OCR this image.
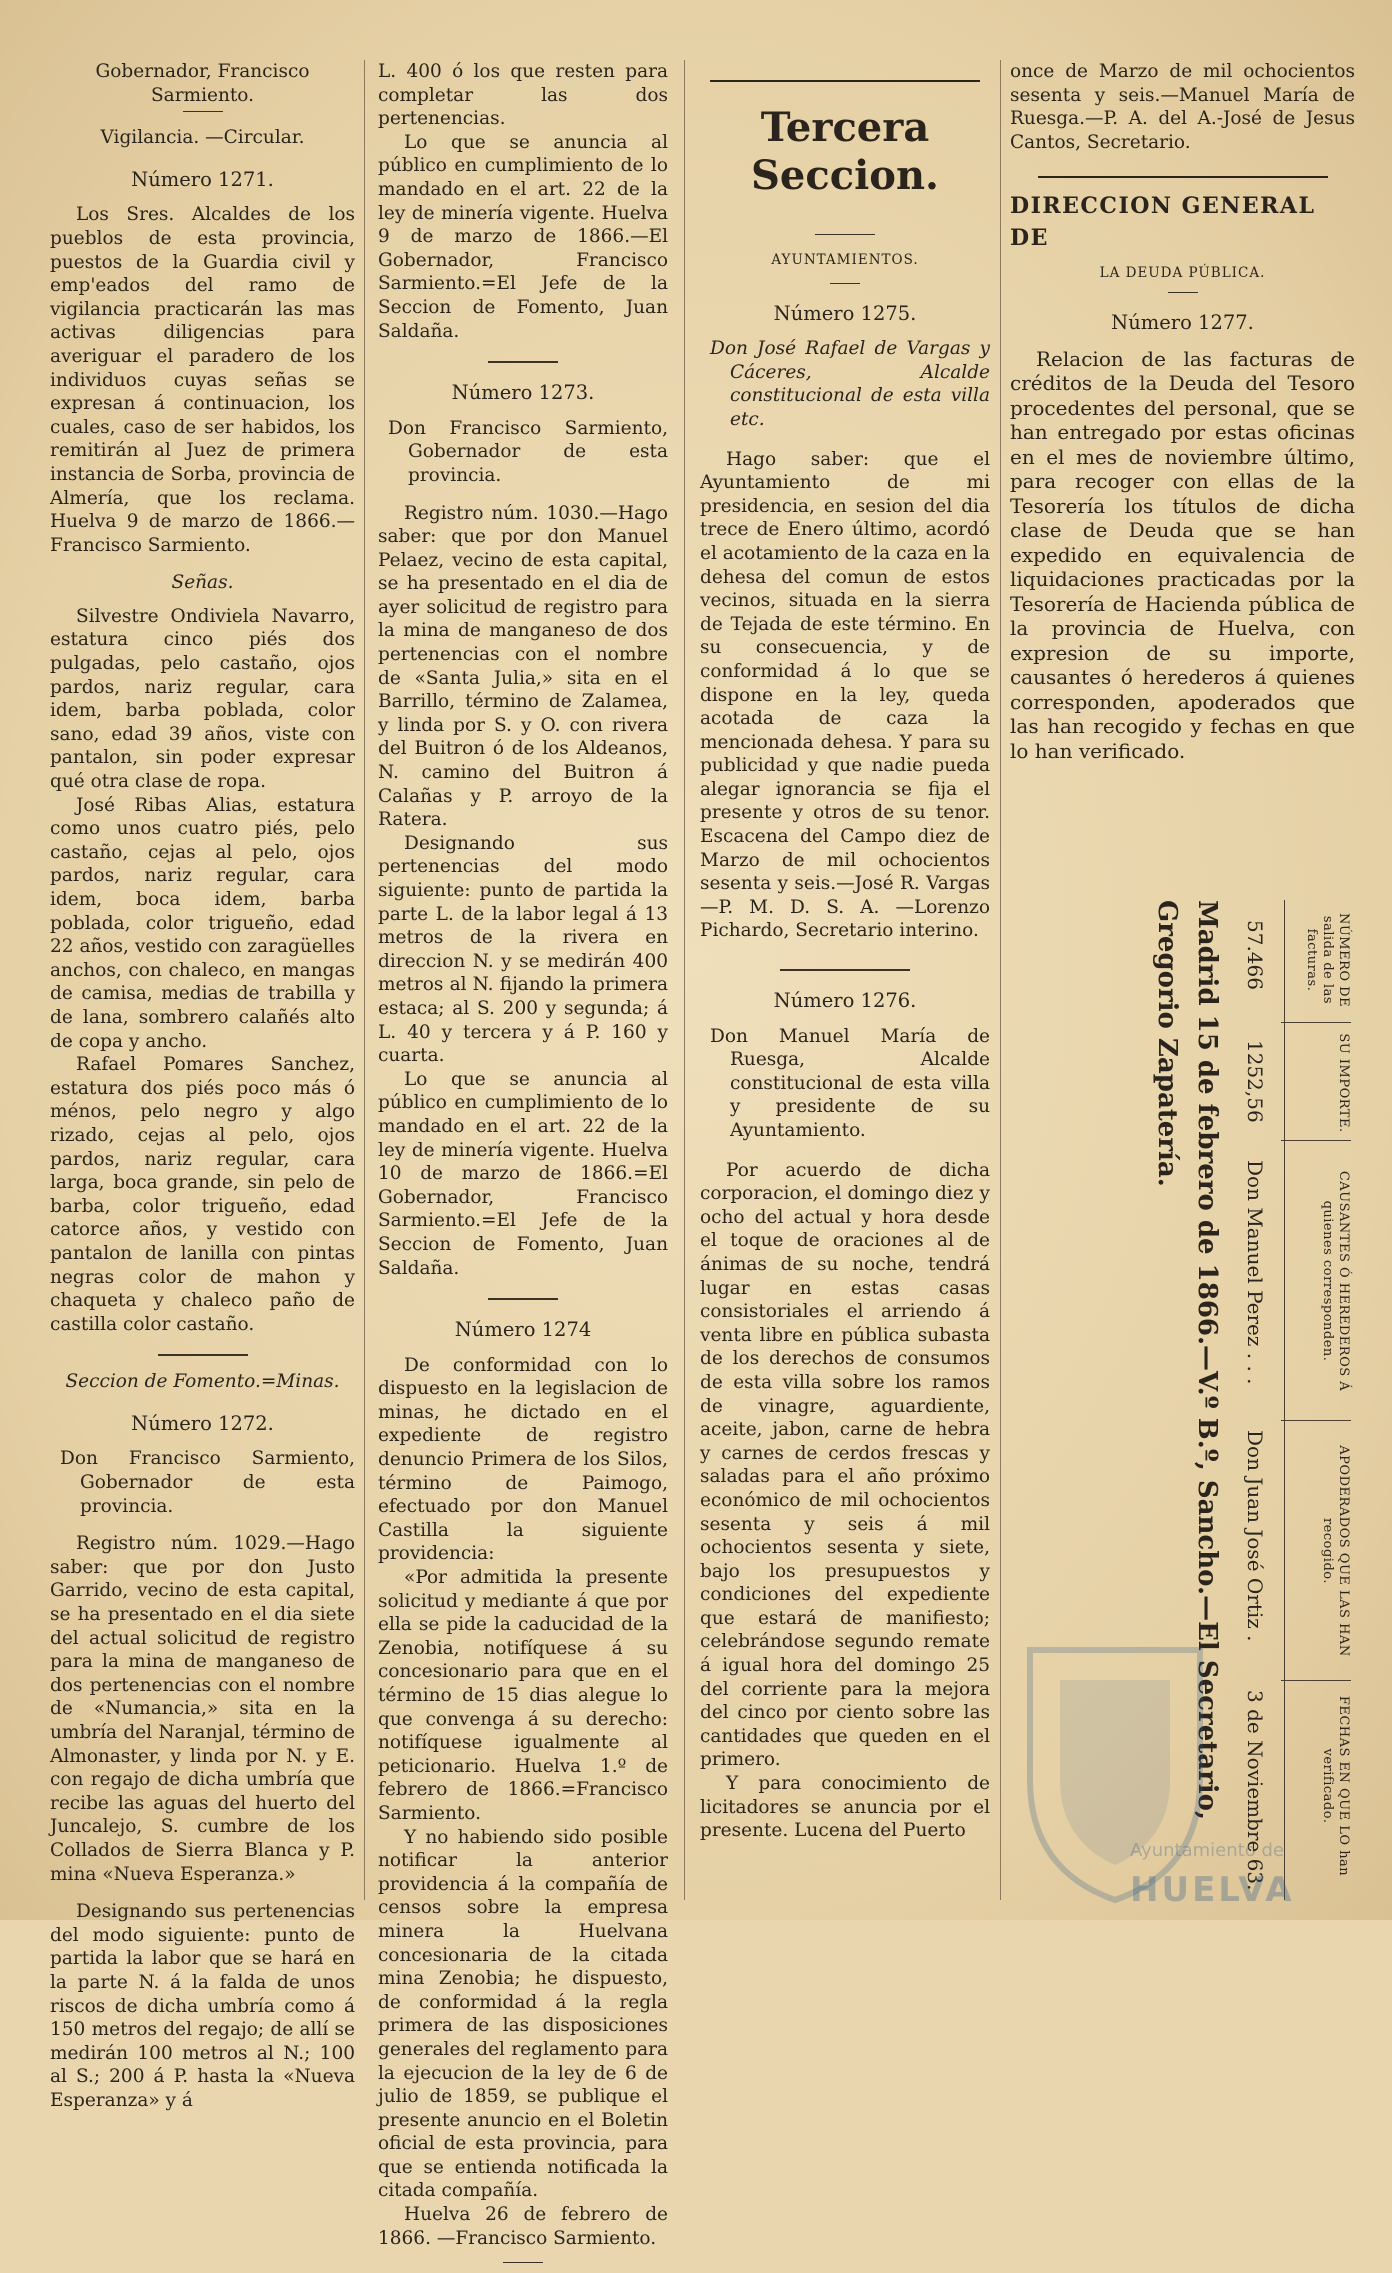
Gobernador, Francisco Sarmiento.

Vigilancia. —Circular.

Número 1271.

Los Sres. Alcaldes de los pueblos de esta provincia, puestos de la Guardia civil y emp'eados del ramo de vigilancia practicarán las mas activas diligencias para averiguar el paradero de los individuos cuyas señas se expresan á continuacion, los cuales, caso de ser habidos, los remitirán al Juez de primera instancia de Sorba, provincia de Almería, que los reclama. Huelva 9 de marzo de 1866.—Francisco Sarmiento.

Señas.

Silvestre Ondiviela Navarro, estatura cinco piés dos pulgadas, pelo castaño, ojos pardos, nariz regular, cara idem, barba poblada, color sano, edad 39 años, viste con pantalon, sin poder expresar qué otra clase de ropa.

José Ribas Alias, estatura como unos cuatro piés, pelo castaño, cejas al pelo, ojos pardos, nariz regular, cara idem, boca idem, barba poblada, color trigueño, edad 22 años, vestido con zaragüelles anchos, con chaleco, en mangas de camisa, medias de trabilla y de lana, sombrero calañés alto de copa y ancho.

Rafael Pomares Sanchez, estatura dos piés poco más ó ménos, pelo negro y algo rizado, cejas al pelo, ojos pardos, nariz regular, cara larga, boca grande, sin pelo de barba, color trigueño, edad catorce años, y vestido con pantalon de lanilla con pintas negras color de mahon y chaqueta y chaleco paño de castilla color castaño.

Seccion de Fomento.=Minas.

Número 1272.

Don Francisco Sarmiento, Gobernador de esta provincia.

Registro núm. 1029.—Hago saber: que por don Justo Garrido, vecino de esta capital, se ha presentado en el dia siete del actual solicitud de registro para la mina de manganeso de dos pertenencias con el nombre de «Numancia,» sita en la umbría del Naranjal, término de Almonaster, y linda por N. y E. con regajo de dicha umbría que recibe las aguas del huerto del Juncalejo, S. cumbre de los Collados de Sierra Blanca y P. mina «Nueva Esperanza.»

Designando sus pertenencias del modo siguiente: punto de partida la labor que se hará en la parte N. á la falda de unos riscos de dicha umbría como á 150 metros del regajo; de allí se medirán 100 metros al N.; 100 al S.; 200 á P. hasta la «Nueva Esperanza» y á

L. 400 ó los que resten para completar las dos pertenencias.

Lo que se anuncia al público en cumplimiento de lo mandado en el art. 22 de la ley de minería vigente. Huelva 9 de marzo de 1866.—El Gobernador, Francisco Sarmiento.=El Jefe de la Seccion de Fomento, Juan Saldaña.

Número 1273.

Don Francisco Sarmiento, Gobernador de esta provincia.

Registro núm. 1030.—Hago saber: que por don Manuel Pelaez, vecino de esta capital, se ha presentado en el dia de ayer solicitud de registro para la mina de manganeso de dos pertenencias con el nombre de «Santa Julia,» sita en el Barrillo, término de Zalamea, y linda por S. y O. con rivera del Buitron ó de los Aldeanos, N. camino del Buitron á Calañas y P. arroyo de la Ratera.

Designando sus pertenencias del modo siguiente: punto de partida la parte L. de la labor legal á 13 metros de la rivera en direccion N. y se medirán 400 metros al N. fijando la primera estaca; al S. 200 y segunda; á L. 40 y tercera y á P. 160 y cuarta.

Lo que se anuncia al público en cumplimiento de lo mandado en el art. 22 de la ley de minería vigente. Huelva 10 de marzo de 1866.=El Gobernador, Francisco Sarmiento.=El Jefe de la Seccion de Fomento, Juan Saldaña.

Número 1274

De conformidad con lo dispuesto en la legislacion de minas, he dictado en el expediente de registro denuncio Primera de los Silos, término de Paimogo, efectuado por don Manuel Castilla la siguiente providencia:

«Por admitida la presente solicitud y mediante á que por ella se pide la caducidad de la Zenobia, notifíquese á su concesionario para que en el término de 15 dias alegue lo que convenga á su derecho: notifíquese igualmente al peticionario. Huelva 1.º de febrero de 1866.=Francisco Sarmiento.

Y no habiendo sido posible notificar la anterior providencia á la compañía de censos sobre la empresa minera la Huelvana concesionaria de la citada mina Zenobia; he dispuesto, de conformidad á la regla primera de las disposiciones generales del reglamento para la ejecucion de la ley de 6 de julio de 1859, se publique el presente anuncio en el Boletin oficial de esta provincia, para que se entienda notificada la citada compañía.

Huelva 26 de febrero de 1866. —Francisco Sarmiento.

Tercera Seccion.

AYUNTAMIENTOS.

Número 1275.

Don José Rafael de Vargas y Cáceres, Alcalde constitucional de esta villa etc.

Hago saber: que el Ayuntamiento de mi presidencia, en sesion del dia trece de Enero último, acordó el acotamiento de la caza en la dehesa del comun de estos vecinos, situada en la sierra de Tejada de este término. En su consecuencia, y de conformidad á lo que se dispone en la ley, queda acotada de caza la mencionada dehesa. Y para su publicidad y que nadie pueda alegar ignorancia se fija el presente y otros de su tenor. Escacena del Campo diez de Marzo de mil ochocientos sesenta y seis.—José R. Vargas—P. M. D. S. A. —Lorenzo Pichardo, Secretario interino.

Número 1276.

Don Manuel María de Ruesga, Alcalde constitucional de esta villa y presidente de su Ayuntamiento.

Por acuerdo de dicha corporacion, el domingo diez y ocho del actual y hora desde el toque de oraciones al de ánimas de su noche, tendrá lugar en estas casas consistoriales el arriendo á venta libre en pública subasta de los derechos de consumos de esta villa sobre los ramos de vinagre, aguardiente, aceite, jabon, carne de hebra y carnes de cerdos frescas y saladas para el año próximo económico de mil ochocientos sesenta y seis á mil ochocientos sesenta y siete, bajo los presupuestos y condiciones del expediente que estará de manifiesto; celebrándose segundo remate á igual hora del domingo 25 del corriente para la mejora del cinco por ciento sobre las cantidades que queden en el primero.

Y para conocimiento de licitadores se anuncia por el presente. Lucena del Puerto

once de Marzo de mil ochocientos sesenta y seis.—Manuel María de Ruesga.—P. A. del A.-José de Jesus Cantos, Secretario.

DIRECCION GENERAL DE

LA DEUDA PÚBLICA.

Número 1277.

Relacion de las facturas de créditos de la Deuda del Tesoro procedentes del personal, que se han entregado por estas oficinas en el mes de noviembre último, para recoger con ellas de la Tesorería los títulos de dicha clase de Deuda que se han expedido en equivalencia de liquidaciones practicadas por la Tesorería de Hacienda pública de la provincia de Huelva, con expresion de su importe, causantes ó herederos á quienes corresponden, apoderados que las han recogido y fechas en que lo han verificado.

NÚMERO DE salida de las facturas.
SU IMPORTE.
CAUSANTES Ó HEREDEROS Á quienes corresponden.
APODERADOS QUE LAS HAN recogido.
FECHAS EN QUE LO han verificado.
57.466
1252,56
Don Manuel Perez . . .
Don Juan José Ortiz .
3 de Noviembre 63.
Madrid 15 de febrero de 1866.—V.º B.º, Sancho.—El Secretario, Gregorio Zapatería.
Ayuntamiento de
HUELVA
